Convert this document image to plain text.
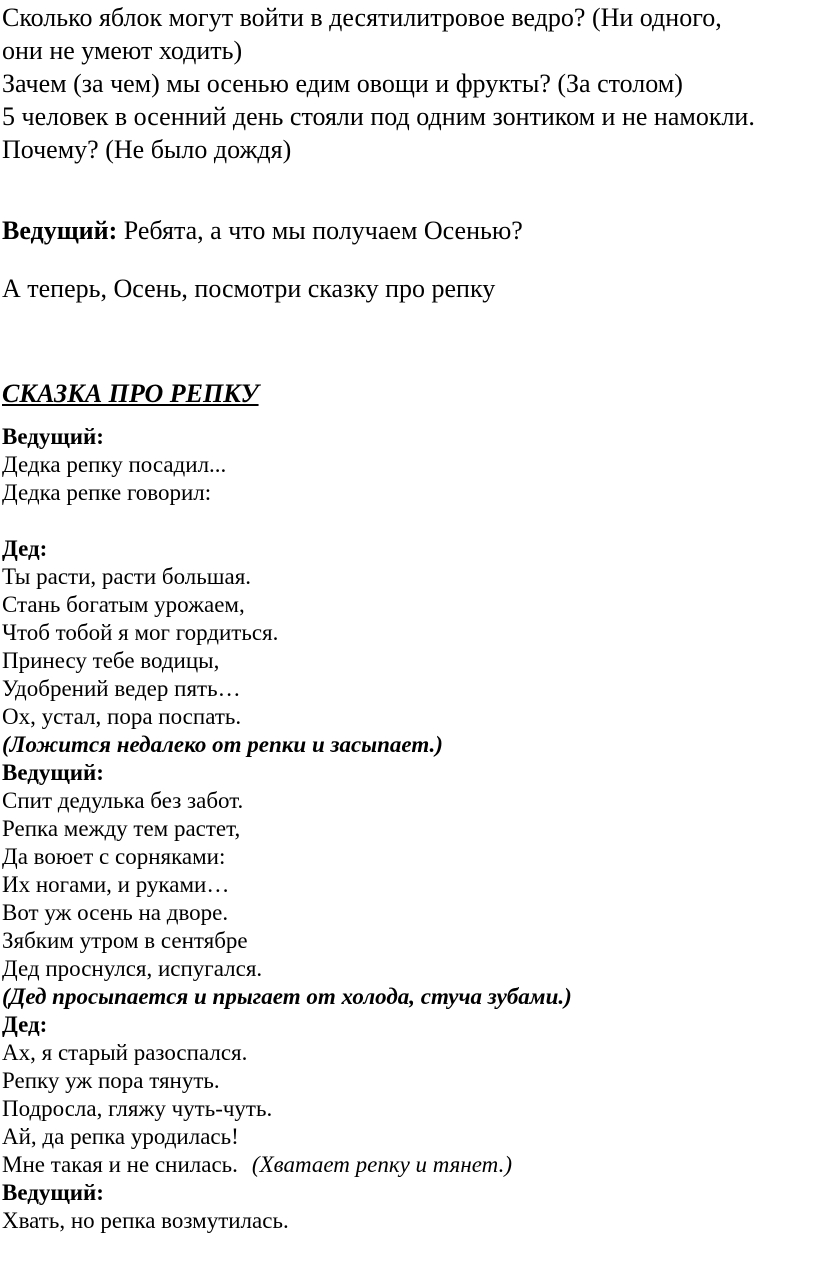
Сколько яблок могут войти в десятилитровое ведро? (Ни одного,

они не умеют ходить)

Зачем (за чем) мы осенью едим овощи и фрукты? (За столом)

5 человек в осенний день стояли под одним зонтиком и не намокли.

Почему? (Не было дождя)

Ведущий: Ребята, а что мы получаем Осенью?

А теперь, Осень, посмотри сказку про репку

СКАЗКА ПРО РЕПКУ

Ведущий:

Дедка репку посадил...

Дедка репке говорил:

Дед:

Ты расти, расти большая.

Стань богатым урожаем,

Чтоб тобой я мог гордиться.

Принесу тебе водицы,

Удобрений ведер пять…

Ох, устал, пора поспать.

(Ложится недалеко от репки и засыпает.)

Ведущий:

Спит дедулька без забот.

Репка между тем растет,

Да воюет с сорняками:

Их ногами, и руками…

Вот уж осень на дворе.

Зябким утром в сентябре

Дед проснулся, испугался.

(Дед просыпается и прыгает от холода, стуча зубами.)

Дед:

Ах, я старый разоспался.

Репку уж пора тянуть.

Подросла, гляжу чуть-чуть.

Ай, да репка уродилась!

Мне такая и не снилась. (Хватает репку и тянет.)

Ведущий:

Хвать, но репка возмутилась.
